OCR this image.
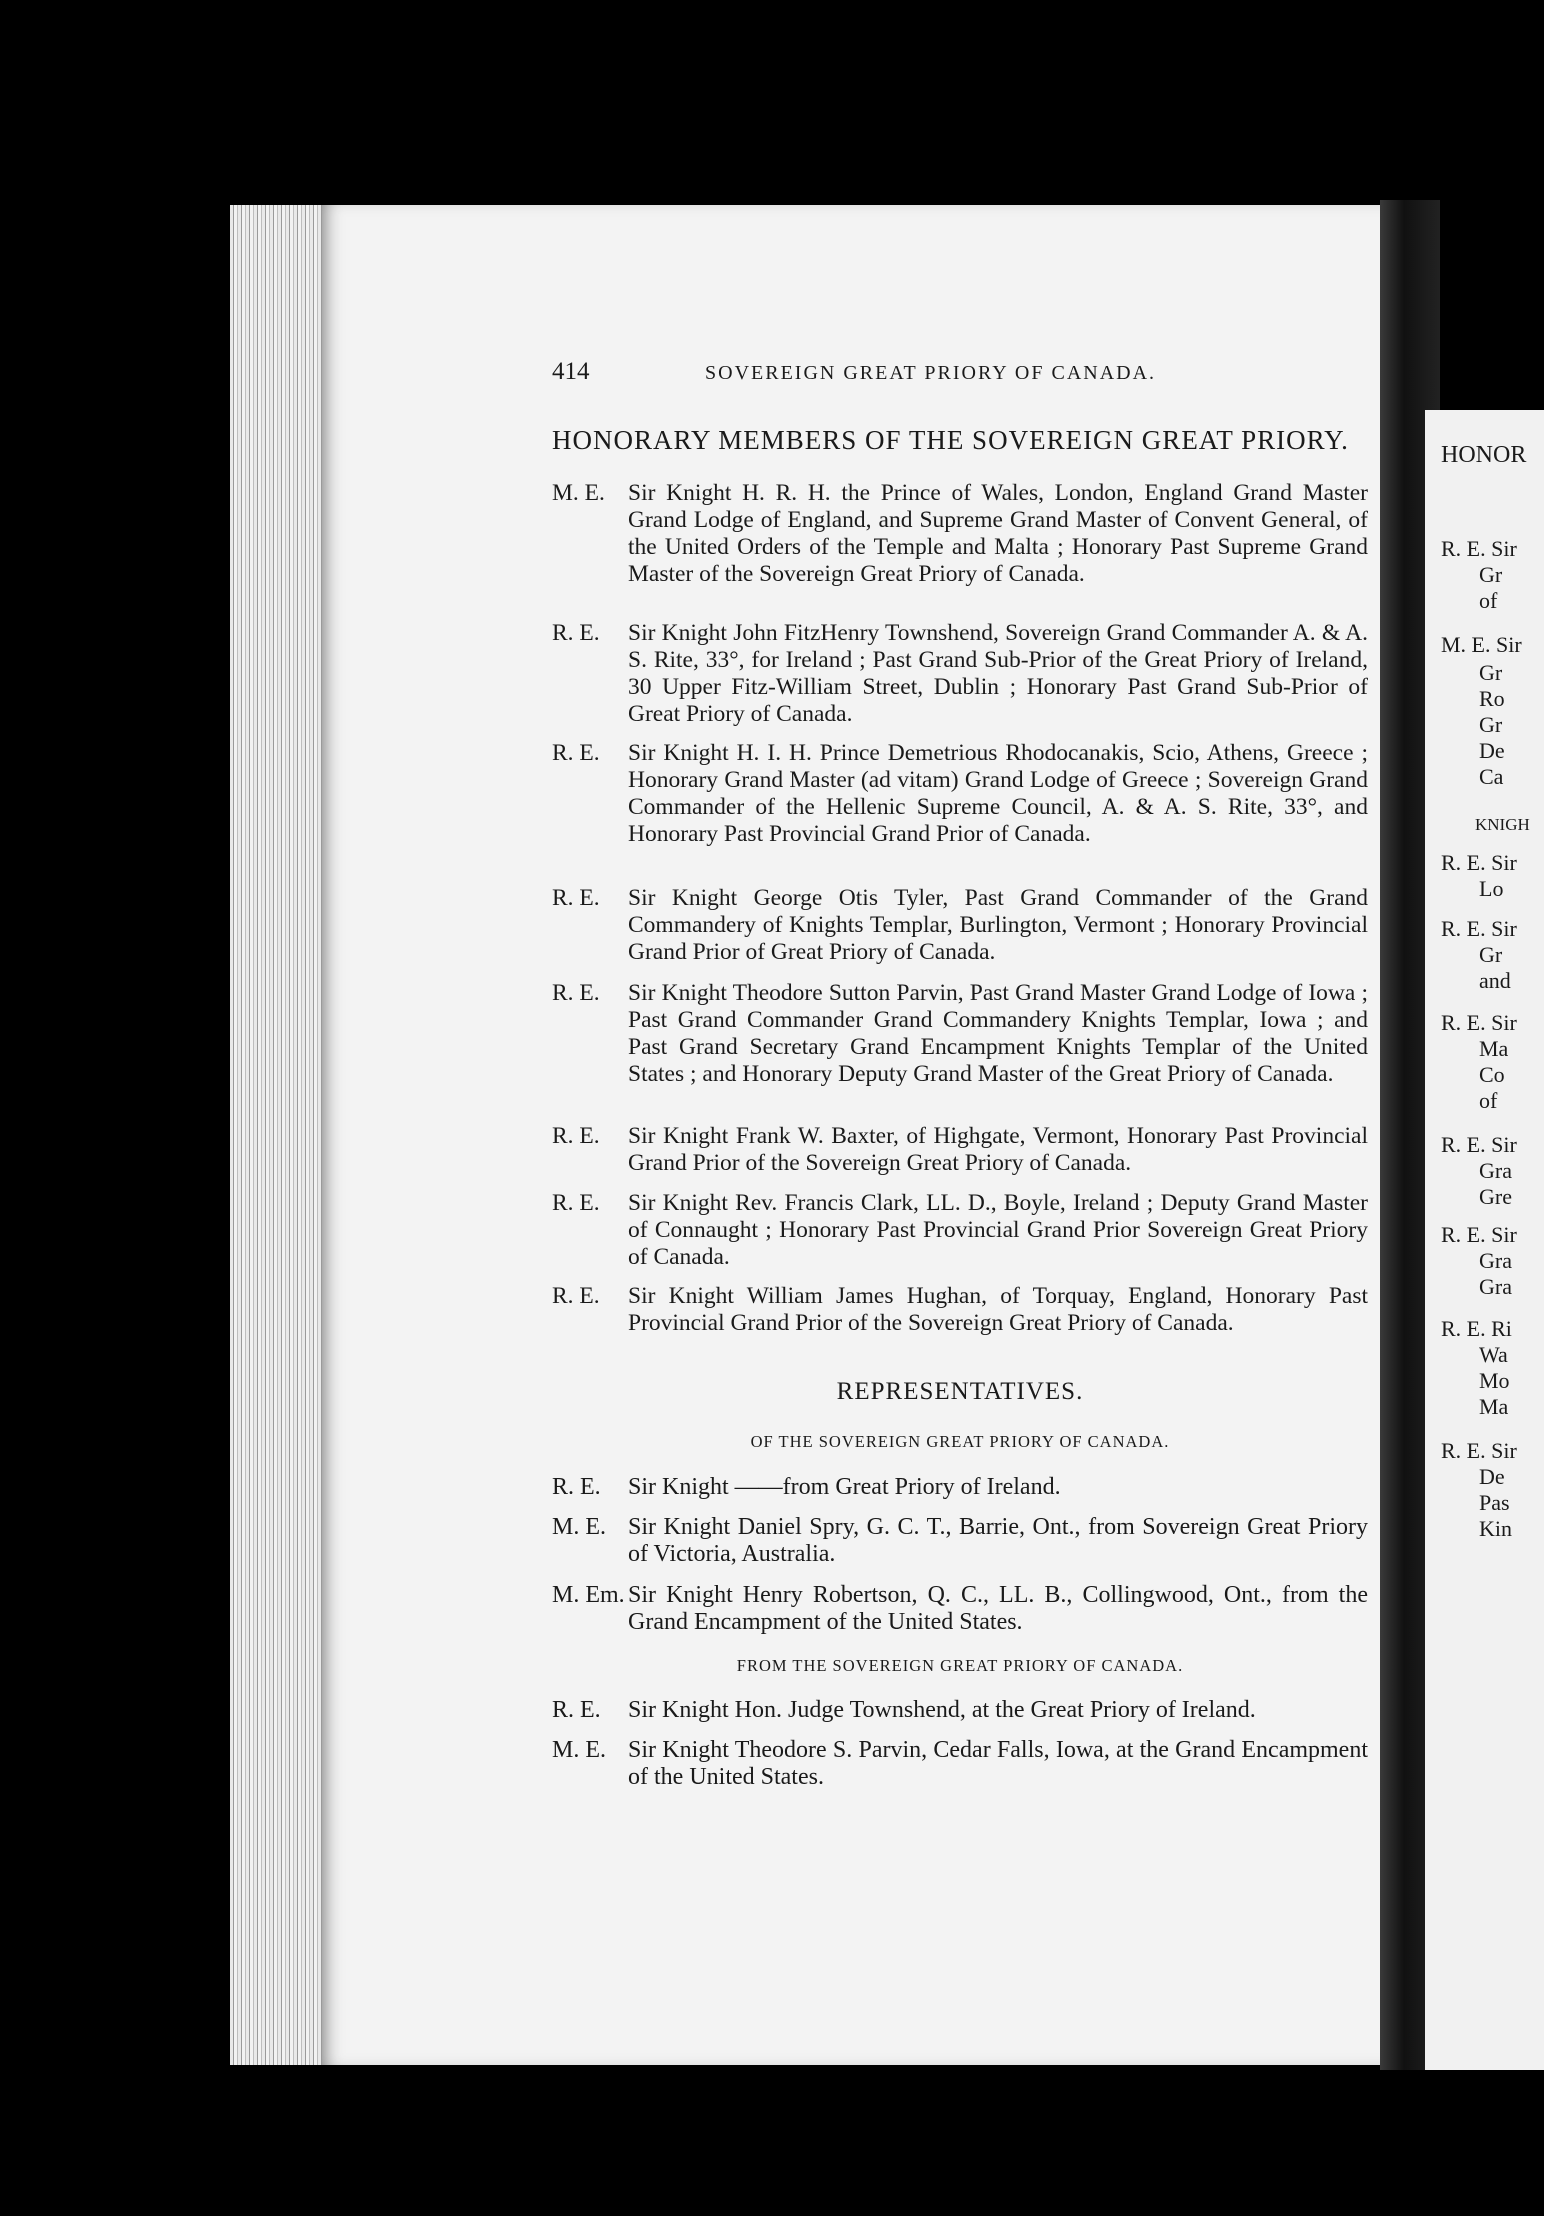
HONOR
R. E. Sir
Gr
of
M. E. Sir
Gr
Ro
Gr
De
Ca
KNIGH
R. E. Sir
Lo
R. E. Sir
Gr
and
R. E. Sir
Ma
Co
of
R. E. Sir
Gra
Gre
R. E. Sir
Gra
Gra
R. E. Ri
Wa
Mo
Ma
R. E. Sir
De
Pas
Kin
414	SOVEREIGN GREAT PRIORY OF CANADA.
HONORARY MEMBERS OF THE SOVEREIGN GREAT PRIORY.
M. E. Sir Knight H. R. H. the Prince of Wales, London, England Grand Master Grand Lodge of England, and Supreme Grand Master of Convent General, of the United Orders of the Temple and Malta ; Honorary Past Supreme Grand Master of the Sovereign Great Priory of Canada.
R. E.	Sir Knight John FitzHenry Townshend, Sovereign Grand Commander A. & A. S. Rite, 33°, for Ireland ; Past Grand Sub-Prior of the Great Priory of Ireland, 30 Upper Fitz-William Street, Dublin ; Honorary Past Grand Sub-Prior of Great Priory of Canada.
R. E.	Sir Knight H. I. H. Prince Demetrious Rhodocanakis, Scio, Athens, Greece ; Honorary Grand Master (ad vitam) Grand Lodge of Greece ; Sovereign Grand Commander of the Hellenic Supreme Council, A. & A. S. Rite, 33°, and Honorary Past Provincial Grand Prior of Canada.
R. E.	Sir Knight George Otis Tyler, Past Grand Commander of the Grand Commandery of Knights Templar, Burlington, Vermont ; Honorary Provincial Grand Prior of Great Priory of Canada.
R. E.	Sir Knight Theodore Sutton Parvin, Past Grand Master Grand Lodge of Iowa ; Past Grand Commander Grand Commandery Knights Templar, Iowa ; and Past Grand Secretary Grand Encampment Knights Templar of the United States ; and Honorary Deputy Grand Master of the Great Priory of Canada.
R. E.	Sir Knight Frank W. Baxter, of Highgate, Vermont, Honorary Past Provincial Grand Prior of the Sovereign Great Priory of Canada.
R. E.	Sir Knight Rev. Francis Clark, LL. D., Boyle, Ireland ; Deputy Grand Master of Connaught ; Honorary Past Provincial Grand Prior Sovereign Great Priory of Canada.
R. E.	Sir Knight William James Hughan, of Torquay, England, Honorary Past Provincial Grand Prior of the Sovereign Great Priory of Canada.
REPRESENTATIVES.
OF THE SOVEREIGN GREAT PRIORY OF CANADA.
R. E.	Sir Knight ——from Great Priory of Ireland.
M. E. Sir Knight Daniel Spry, G. C. T., Barrie, Ont., from Sovereign Great Priory of Victoria, Australia.
M. Em. Sir Knight Henry Robertson, Q. C., LL. B., Collingwood, Ont., from the Grand Encampment of the United States.
FROM THE SOVEREIGN GREAT PRIORY OF CANADA.
R. E.	Sir Knight Hon. Judge Townshend, at the Great Priory of Ireland.
M. E. Sir Knight Theodore S. Parvin, Cedar Falls, Iowa, at the Grand Encampment of the United States.
